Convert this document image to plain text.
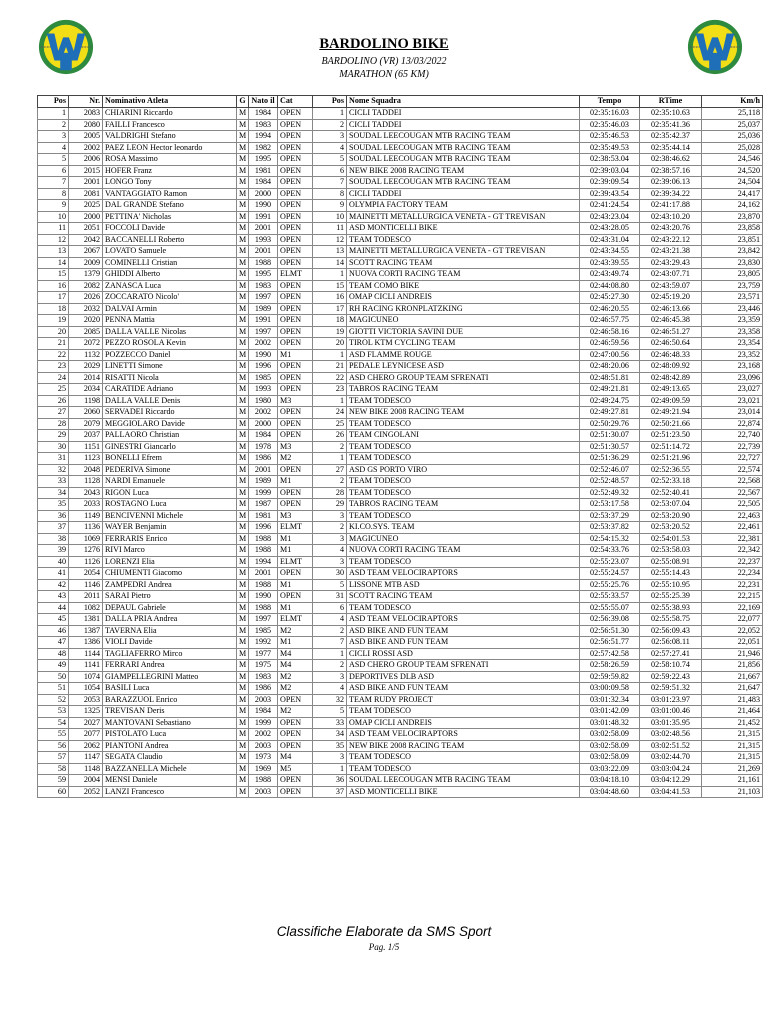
BARDOLINO BIKE
BARDOLINO (VR) 13/03/2022
MARATHON (65 KM)
Pos	Nr.	Nominativo Atleta	G	Nato il	Cat	Pos	Nome Squadra	Tempo	RTime	Km/h
1	2083	CHIARINI Riccardo	M	1984	OPEN	1	CICLI TADDEI	02:35:16.03	02:35:10.63	25,118
2	2080	FAILLI Francesco	M	1983	OPEN	2	CICLI TADDEI	02:35:46.03	02:35:41.36	25,037
3	2005	VALDRIGHI Stefano	M	1994	OPEN	3	SOUDAL LEECOUGAN MTB RACING TEAM	02:35:46.53	02:35:42.37	25,036
4	2002	PAEZ LEON Hector leonardo	M	1982	OPEN	4	SOUDAL LEECOUGAN MTB RACING TEAM	02:35:49.53	02:35:44.14	25,028
5	2006	ROSA Massimo	M	1995	OPEN	5	SOUDAL LEECOUGAN MTB RACING TEAM	02:38:53.04	02:38:46.62	24,546
6	2015	HOFER Franz	M	1981	OPEN	6	NEW BIKE 2008 RACING TEAM	02:39:03.04	02:38:57.16	24,520
7	2001	LONGO Tony	M	1984	OPEN	7	SOUDAL LEECOUGAN MTB RACING TEAM	02:39:09.54	02:39:06.13	24,504
8	2081	VANTAGGIATO Ramon	M	2000	OPEN	8	CICLI TADDEI	02:39:43.54	02:39:34.22	24,417
9	2025	DAL GRANDE Stefano	M	1990	OPEN	9	OLYMPIA FACTORY TEAM	02:41:24.54	02:41:17.88	24,162
10	2000	PETTINA' Nicholas	M	1991	OPEN	10	MAINETTI METALLURGICA VENETA - GT TREVISAN	02:43:23.04	02:43:10.20	23,870
11	2051	FOCCOLI Davide	M	2001	OPEN	11	ASD MONTICELLI BIKE	02:43:28.05	02:43:20.76	23,858
12	2042	BACCANELLI Roberto	M	1993	OPEN	12	TEAM TODESCO	02:43:31.04	02:43:22.12	23,851
13	2067	LOVATO Samuele	M	2001	OPEN	13	MAINETTI METALLURGICA VENETA - GT TREVISAN	02:43:34.55	02:43:21.38	23,842
14	2009	COMINELLI Cristian	M	1988	OPEN	14	SCOTT RACING TEAM	02:43:39.55	02:43:29.43	23,830
15	1379	GHIDDI Alberto	M	1995	ELMT	1	NUOVA CORTI RACING TEAM	02:43:49.74	02:43:07.71	23,805
16	2082	ZANASCA Luca	M	1983	OPEN	15	TEAM COMO BIKE	02:44:08.80	02:43:59.07	23,759
17	2026	ZOCCARATO Nicolo'	M	1997	OPEN	16	OMAP CICLI ANDREIS	02:45:27.30	02:45:19.20	23,571
18	2032	DALVAI Armin	M	1989	OPEN	17	RH RACING KRONPLATZKING	02:46:20.55	02:46:13.66	23,446
19	2020	PENNA Mattia	M	1991	OPEN	18	MAGICUNEO	02:46:57.75	02:46:45.38	23,359
20	2085	DALLA VALLE Nicolas	M	1997	OPEN	19	GIOTTI VICTORIA SAVINI DUE	02:46:58.16	02:46:51.27	23,358
21	2072	PEZZO ROSOLA Kevin	M	2002	OPEN	20	TIROL KTM CYCLING TEAM	02:46:59.56	02:46:50.64	23,354
22	1132	POZZECCO Daniel	M	1990	M1	1	ASD FLAMME ROUGE	02:47:00.56	02:46:48.33	23,352
23	2029	LINETTI Simone	M	1996	OPEN	21	PEDALE LEYNICESE ASD	02:48:20.06	02:48:09.92	23,168
24	2014	RISATTI Nicola	M	1985	OPEN	22	ASD CHERO GROUP TEAM SFRENATI	02:48:51.81	02:48:42.89	23,096
25	2034	CARATIDE Adriano	M	1993	OPEN	23	TABROS RACING TEAM	02:49:21.81	02:49:13.65	23,027
26	1198	DALLA VALLE Denis	M	1980	M3	1	TEAM TODESCO	02:49:24.75	02:49:09.59	23,021
27	2060	SERVADEI Riccardo	M	2002	OPEN	24	NEW BIKE 2008 RACING TEAM	02:49:27.81	02:49:21.94	23,014
28	2079	MEGGIOLARO Davide	M	2000	OPEN	25	TEAM TODESCO	02:50:29.76	02:50:21.66	22,874
29	2037	PALLAORO Christian	M	1984	OPEN	26	TEAM CINGOLANI	02:51:30.07	02:51:23.50	22,740
30	1151	GINESTRI Giancarlo	M	1978	M3	2	TEAM TODESCO	02:51:30.57	02:51:14.72	22,739
31	1123	BONELLI Efrem	M	1986	M2	1	TEAM TODESCO	02:51:36.29	02:51:21.96	22,727
32	2048	PEDERIVA Simone	M	2001	OPEN	27	ASD GS PORTO VIRO	02:52:46.07	02:52:36.55	22,574
33	1128	NARDI Emanuele	M	1989	M1	2	TEAM TODESCO	02:52:48.57	02:52:33.18	22,568
34	2043	RIGON Luca	M	1999	OPEN	28	TEAM TODESCO	02:52:49.32	02:52:40.41	22,567
35	2033	ROSTAGNO Luca	M	1987	OPEN	29	TABROS RACING TEAM	02:53:17.58	02:53:07.04	22,505
36	1149	BENCIVENNI Michele	M	1981	M3	3	TEAM TODESCO	02:53:37.29	02:53:20.90	22,463
37	1136	WAYER Benjamin	M	1996	ELMT	2	KI.CO.SYS. TEAM	02:53:37.82	02:53:20.52	22,461
38	1069	FERRARIS Enrico	M	1988	M1	3	MAGICUNEO	02:54:15.32	02:54:01.53	22,381
39	1276	RIVI Marco	M	1988	M1	4	NUOVA CORTI RACING TEAM	02:54:33.76	02:53:58.03	22,342
40	1126	LORENZI Elia	M	1994	ELMT	3	TEAM TODESCO	02:55:23.07	02:55:08.91	22,237
41	2054	CHIUMENTI Giacomo	M	2001	OPEN	30	ASD TEAM VELOCIRAPTORS	02:55:24.57	02:55:14.43	22,234
42	1146	ZAMPEDRI Andrea	M	1988	M1	5	LISSONE MTB ASD	02:55:25.76	02:55:10.95	22,231
43	2011	SARAI Pietro	M	1990	OPEN	31	SCOTT RACING TEAM	02:55:33.57	02:55:25.39	22,215
44	1082	DEPAUL Gabriele	M	1988	M1	6	TEAM TODESCO	02:55:55.07	02:55:38.93	22,169
45	1381	DALLA PRIA Andrea	M	1997	ELMT	4	ASD TEAM VELOCIRAPTORS	02:56:39.08	02:55:58.75	22,077
46	1387	TAVERNA Elia	M	1985	M2	2	ASD BIKE AND FUN TEAM	02:56:51.30	02:56:09.43	22,052
47	1386	VIOLI Davide	M	1992	M1	7	ASD BIKE AND FUN TEAM	02:56:51.77	02:56:08.11	22,051
48	1144	TAGLIAFERRO Mirco	M	1977	M4	1	CICLI ROSSI ASD	02:57:42.58	02:57:27.41	21,946
49	1141	FERRARI Andrea	M	1975	M4	2	ASD CHERO GROUP TEAM SFRENATI	02:58:26.59	02:58:10.74	21,856
50	1074	GIAMPELLEGRINI Matteo	M	1983	M2	3	DEPORTIVES DLB ASD	02:59:59.82	02:59:22.43	21,667
51	1054	BASILI Luca	M	1986	M2	4	ASD BIKE AND FUN TEAM	03:00:09.58	02:59:51.32	21,647
52	2053	BARAZZUOL Enrico	M	2003	OPEN	32	TEAM RUDY PROJECT	03:01:32.34	03:01:23.97	21,483
53	1325	TREVISAN Deris	M	1984	M2	5	TEAM TODESCO	03:01:42.09	03:01:00.46	21,464
54	2027	MANTOVANI Sebastiano	M	1999	OPEN	33	OMAP CICLI ANDREIS	03:01:48.32	03:01:35.95	21,452
55	2077	PISTOLATO Luca	M	2002	OPEN	34	ASD TEAM VELOCIRAPTORS	03:02:58.09	03:02:48.56	21,315
56	2062	PIANTONI Andrea	M	2003	OPEN	35	NEW BIKE 2008 RACING TEAM	03:02:58.09	03:02:51.52	21,315
57	1147	SEGATA Claudio	M	1973	M4	3	TEAM TODESCO	03:02:58.09	03:02:44.70	21,315
58	1148	BAZZANELLA Michele	M	1969	M5	1	TEAM TODESCO	03:03:22.09	03:03:04.24	21,269
59	2004	MENSI Daniele	M	1988	OPEN	36	SOUDAL LEECOUGAN MTB RACING TEAM	03:04:18.10	03:04:12.29	21,161
60	2052	LANZI Francesco	M	2003	OPEN	37	ASD MONTICELLI BIKE	03:04:48.60	03:04:41.53	21,103
Classifiche Elaborate da SMS Sport
Pag. 1/5
